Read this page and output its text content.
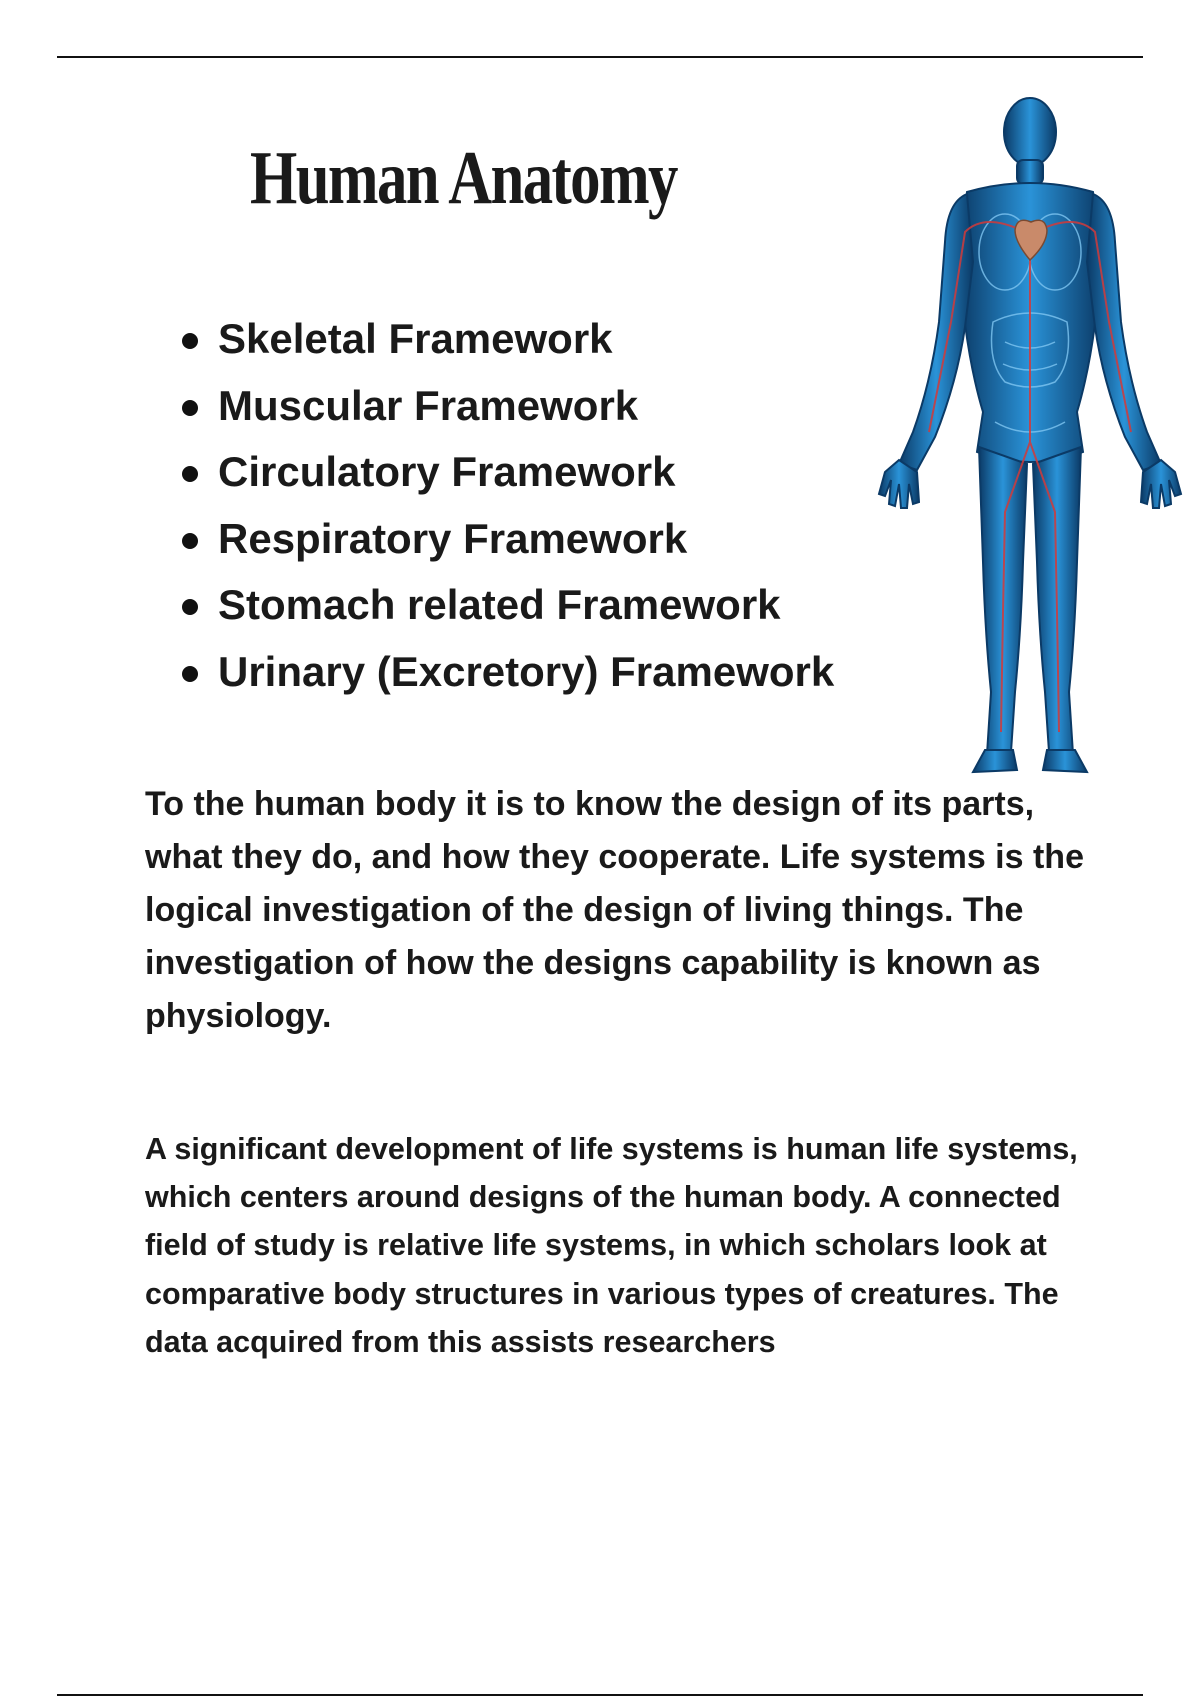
Human Anatomy
Skeletal Framework
Muscular Framework
Circulatory Framework
Respiratory Framework
Stomach related Framework
Urinary (Excretory) Framework

To the human body it is to know the design of its parts, what they do, and how they cooperate. Life systems is the logical investigation of the design of living things. The investigation of how the designs capability is known as physiology.

A significant development of life systems is human life systems, which centers around designs of the human body. A connected field of study is relative life systems, in which scholars look at comparative body structures in various types of creatures. The data acquired from this assists researchers
